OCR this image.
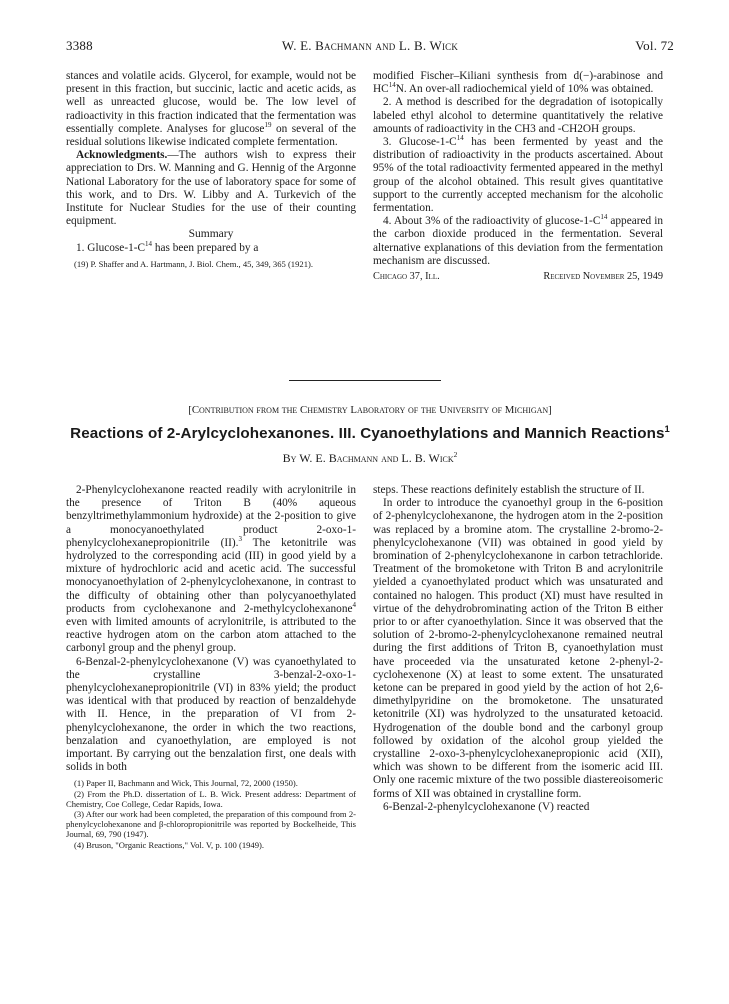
3388	W. E. Bachmann and L. B. Wick	Vol. 72

stances and volatile acids. Glycerol, for example, would not be present in this fraction, but succinic, lactic and acetic acids, as well as unreacted glucose, would be. The low level of radioactivity in this fraction indicated that the fermentation was essentially complete. Analyses for glucose$^{19}$ on several of the residual solutions likewise indicated complete fermentation.

Acknowledgments.—The authors wish to express their appreciation to Drs. W. Manning and G. Hennig of the Argonne National Laboratory for the use of laboratory space for some of this work, and to Drs. W. Libby and A. Turkevich of the Institute for Nuclear Studies for the use of their counting equipment.

Summary

1. Glucose-$1-C^{14}$ has been prepared by a

(19) P. Shaffer and A. Hartmann, J. Biol. Chem., 45, 349, 365 (1921).

modified Fischer–Kiliani synthesis from d(−)-arabinose and HC$^{14}$N. An over-all radiochemical yield of 10% was obtained.

2. A method is described for the degradation of isotopically labeled ethyl alcohol to determine quantitatively the relative amounts of radioactivity in the CH3 and -CH2OH groups.

3. Glucose-$1-C^{14}$ has been fermented by yeast and the distribution of radioactivity in the products ascertained. About 95% of the total radioactivity fermented appeared in the methyl group of the alcohol obtained. This result gives quantitative support to the currently accepted mechanism for the alcoholic fermentation.

4. About 3% of the radioactivity of glucose-$1-C^{14}$ appeared in the carbon dioxide produced in the fermentation. Several alternative explanations of this deviation from the fermentation mechanism are discussed.

Chicago 37, Ill.	Received November 25, 1949
[Contribution from the Chemistry Laboratory of the University of Michigan]
Reactions of 2-Arylcyclohexanones. III. Cyanoethylations and Mannich Reactions$^1$
By W. E. Bachmann and L. B. Wick$^2$

2-Phenylcyclohexanone reacted readily with acrylonitrile in the presence of Triton B (40% aqueous benzyltrimethylammonium hydroxide) at the 2-position to give a monocyanoethylated product 2-oxo-1-phenylcyclohexanepropionitrile (II).$^3$ The ketonitrile was hydrolyzed to the corresponding acid (III) in good yield by a mixture of hydrochloric acid and acetic acid. The successful monocyanoethylation of 2-phenylcyclohexanone, in contrast to the difficulty of obtaining other than polycyanoethylated products from cyclohexanone and 2-methylcyclohexanone$^4$ even with limited amounts of acrylonitrile, is attributed to the reactive hydrogen atom on the carbon atom attached to the carbonyl group and the phenyl group.

6-Benzal-2-phenylcyclohexanone (V) was cyanoethylated to the crystalline 3-benzal-2-oxo-1-phenylcyclohexanepropionitrile (VI) in 83% yield; the product was identical with that produced by reaction of benzaldehyde with II. Hence, in the preparation of VI from 2-phenylcyclohexanone, the order in which the two reactions, benzalation and cyanoethylation, are employed is not important. By carrying out the benzalation first, one deals with solids in both

(1) Paper II, Bachmann and Wick, This Journal, 72, 2000 (1950).

(2) From the Ph.D. dissertation of L. B. Wick. Present address: Department of Chemistry, Coe College, Cedar Rapids, Iowa.

(3) After our work had been completed, the preparation of this compound from 2-phenylcyclohexanone and β-chloropropionitrile was reported by Bockelheide, This Journal, 69, 790 (1947).

(4) Bruson, "Organic Reactions," Vol. V, p. 100 (1949).

steps. These reactions definitely establish the structure of II.

In order to introduce the cyanoethyl group in the 6-position of 2-phenylcyclohexanone, the hydrogen atom in the 2-position was replaced by a bromine atom. The crystalline 2-bromo-2-phenylcyclohexanone (VII) was obtained in good yield by bromination of 2-phenylcyclohexanone in carbon tetrachloride. Treatment of the bromoketone with Triton B and acrylonitrile yielded a cyanoethylated product which was unsaturated and contained no halogen. This product (XI) must have resulted in virtue of the dehydrobrominating action of the Triton B either prior to or after cyanoethylation. Since it was observed that the solution of 2-bromo-2-phenylcyclohexanone remained neutral during the first additions of Triton B, cyanoethylation must have proceeded via the unsaturated ketone 2-phenyl-2-cyclohexenone (X) at least to some extent. The unsaturated ketone can be prepared in good yield by the action of hot 2,6-dimethylpyridine on the bromoketone. The unsaturated ketonitrile (XI) was hydrolyzed to the unsaturated ketoacid. Hydrogenation of the double bond and the carbonyl group followed by oxidation of the alcohol group yielded the crystalline 2-oxo-3-phenylcyclohexanepropionic acid (XII), which was shown to be different from the isomeric acid III. Only one racemic mixture of the two possible diastereoisomeric forms of XII was obtained in crystalline form.

6-Benzal-2-phenylcyclohexanone (V) reacted
